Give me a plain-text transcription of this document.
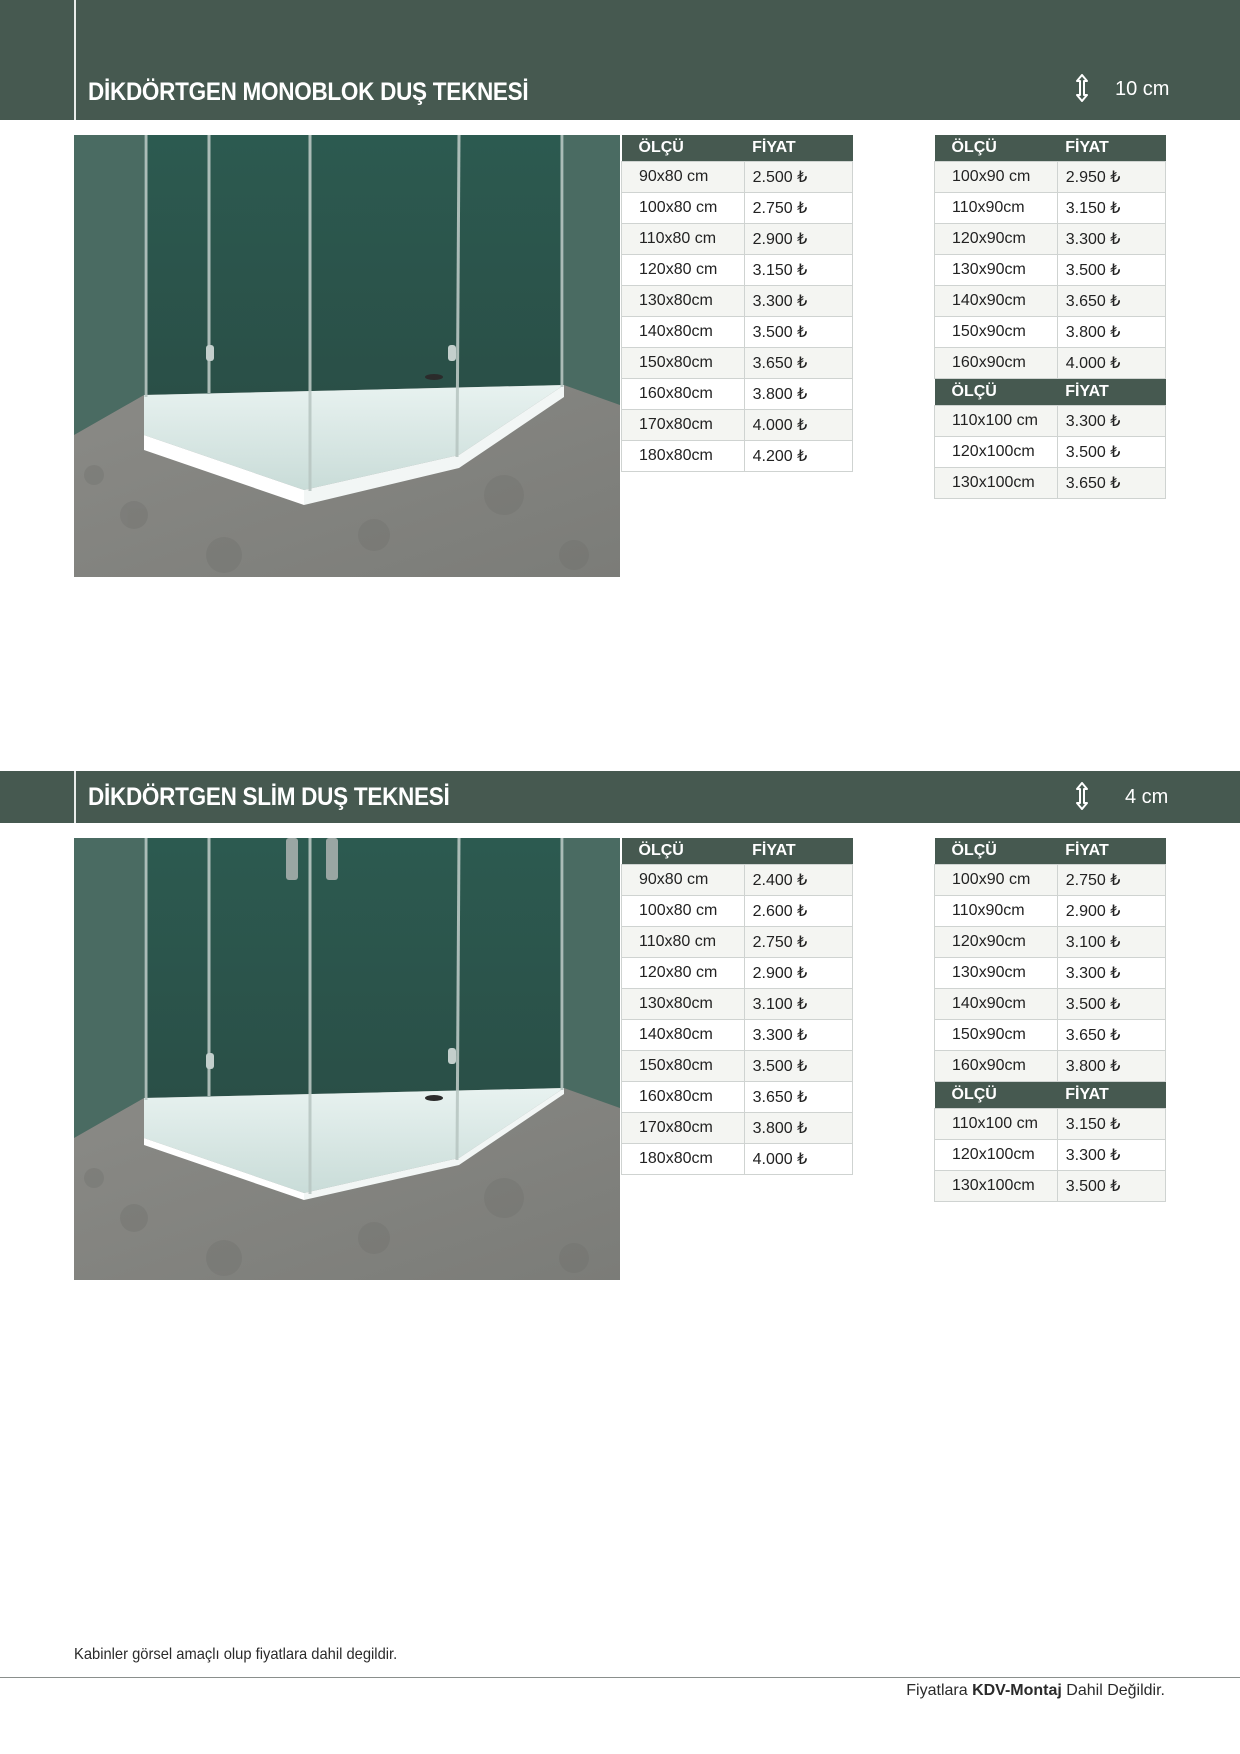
DİKDÖRTGEN MONOBLOK DUŞ TEKNESİ	10 cm
ÖLÇÜ	FİYAT
90x80 cm	2.500 ₺
100x80 cm	2.750 ₺
110x80 cm	2.900 ₺
120x80 cm	3.150 ₺
130x80cm	3.300 ₺
140x80cm	3.500 ₺
150x80cm	3.650 ₺
160x80cm	3.800 ₺
170x80cm	4.000 ₺
180x80cm	4.200 ₺
ÖLÇÜ	FİYAT
100x90 cm	2.950 ₺
110x90cm	3.150 ₺
120x90cm	3.300 ₺
130x90cm	3.500 ₺
140x90cm	3.650 ₺
150x90cm	3.800 ₺
160x90cm	4.000 ₺
ÖLÇÜ	FİYAT
110x100 cm	3.300 ₺
120x100cm	3.500 ₺
130x100cm	3.650 ₺
DİKDÖRTGEN SLİM DUŞ TEKNESİ	4 cm
ÖLÇÜ	FİYAT
90x80 cm	2.400 ₺
100x80 cm	2.600 ₺
110x80 cm	2.750 ₺
120x80 cm	2.900 ₺
130x80cm	3.100 ₺
140x80cm	3.300 ₺
150x80cm	3.500 ₺
160x80cm	3.650 ₺
170x80cm	3.800 ₺
180x80cm	4.000 ₺
ÖLÇÜ	FİYAT
100x90 cm	2.750 ₺
110x90cm	2.900 ₺
120x90cm	3.100 ₺
130x90cm	3.300 ₺
140x90cm	3.500 ₺
150x90cm	3.650 ₺
160x90cm	3.800 ₺
ÖLÇÜ	FİYAT
110x100 cm	3.150 ₺
120x100cm	3.300 ₺
130x100cm	3.500 ₺
Kabinler görsel amaçlı olup fiyatlara dahil degildir.
Fiyatlara KDV-Montaj Dahil Değildir.
